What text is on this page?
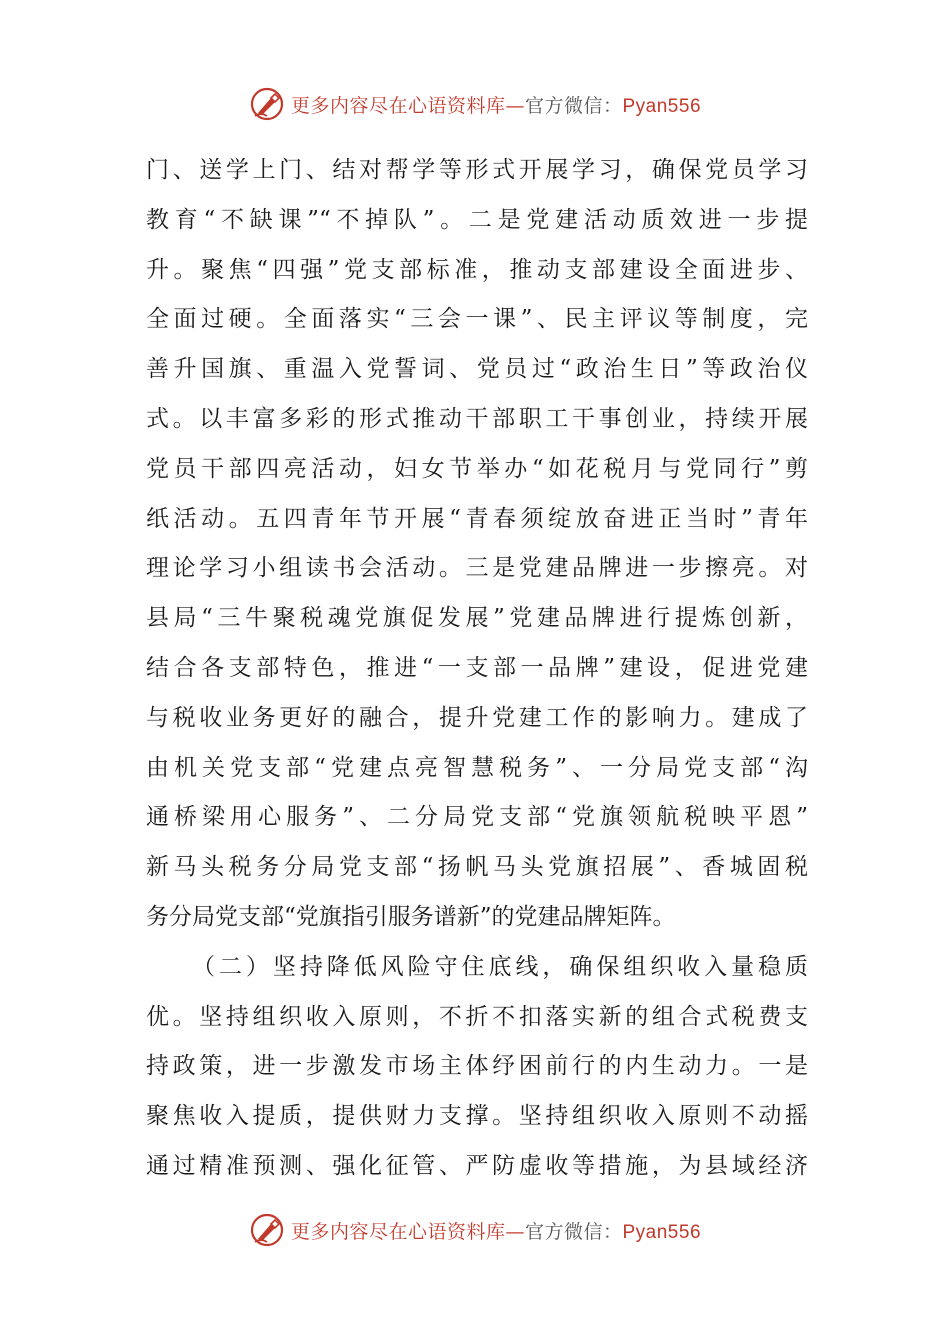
更多内容尽在心语资料库—官方微信：Pyan556
门、送学上门、结对帮学等形式开展学习，确保党员学习
教育“不缺课”“不掉队”。二是党建活动质效进一步提
升。聚焦“四强”党支部标准，推动支部建设全面进步、
全面过硬。全面落实“三会一课”、民主评议等制度，完
善升国旗、重温入党誓词、党员过“政治生日”等政治仪
式。以丰富多彩的形式推动干部职工干事创业，持续开展
党员干部四亮活动，妇女节举办“如花税月与党同行”剪
纸活动。五四青年节开展“青春须绽放奋进正当时”青年
理论学习小组读书会活动。三是党建品牌进一步擦亮。对
县局“三牛聚税魂党旗促发展”党建品牌进行提炼创新，
结合各支部特色，推进“一支部一品牌”建设，促进党建
与税收业务更好的融合，提升党建工作的影响力。建成了
由机关党支部“党建点亮智慧税务”、一分局党支部“沟
通桥梁用心服务”、二分局党支部“党旗领航税映平恩”
新马头税务分局党支部“扬帆马头党旗招展”、香城固税
务分局党支部“党旗指引服务谱新”的党建品牌矩阵。
（二）坚持降低风险守住底线，确保组织收入量稳质
优。坚持组织收入原则，不折不扣落实新的组合式税费支
持政策，进一步激发市场主体纾困前行的内生动力。一是
聚焦收入提质，提供财力支撑。坚持组织收入原则不动摇
通过精准预测、强化征管、严防虚收等措施，为县域经济
更多内容尽在心语资料库—官方微信：Pyan556
